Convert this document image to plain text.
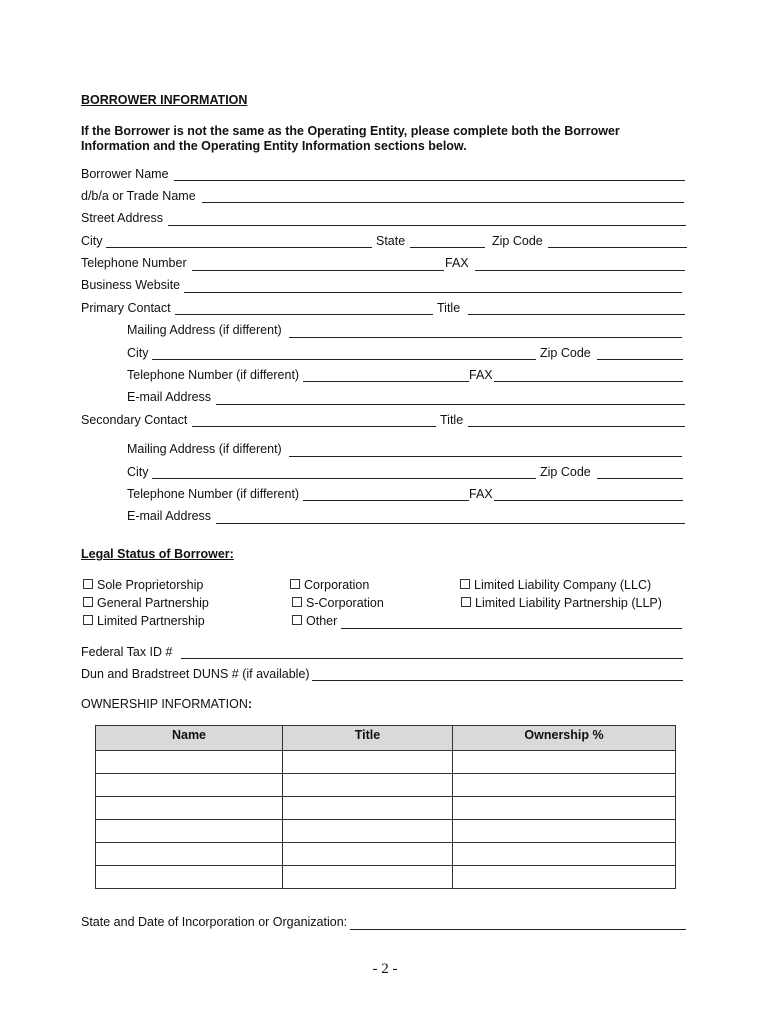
BORROWER INFORMATION
If the Borrower is not the same as the Operating Entity, please complete both the Borrower
Information and the Operating Entity Information sections below.
Borrower Name
d/b/a or Trade Name
Street Address
City	State	Zip Code
Telephone Number	FAX
Business Website
Primary Contact	Title
Mailing Address (if different)
City	Zip Code
Telephone Number (if different)	FAX
E-mail Address
Secondary Contact	Title
Mailing Address (if different)
City	Zip Code
Telephone Number (if different)	FAX
E-mail Address
Legal Status of Borrower:
Sole Proprietorship
General Partnership
Limited Partnership
Corporation
S-Corporation
Other
Limited Liability Company (LLC)
Limited Liability Partnership (LLP)
Federal Tax ID #
Dun and Bradstreet DUNS # (if available)
OWNERSHIP INFORMATION:
Name	Title	Ownership %

State and Date of Incorporation or Organization:
- 2 -
